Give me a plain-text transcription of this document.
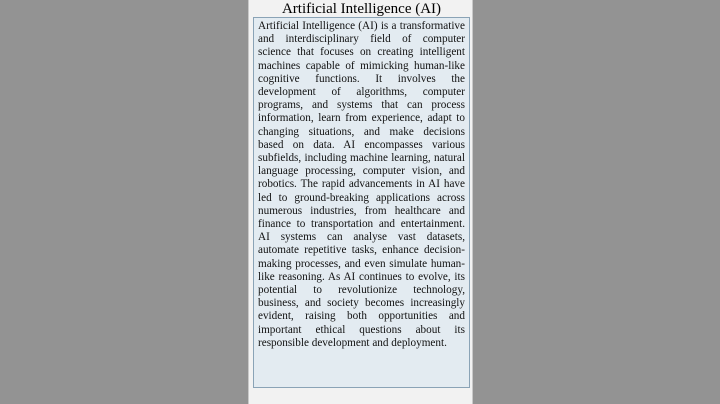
Artificial Intelligence (AI)

Artificial Intelligence (AI) is a transformative and interdisciplinary field of computer science that focuses on creating intelligent machines capable of mimicking human-like cognitive functions. It involves the development of algorithms, computer programs, and systems that can process information, learn from experience, adapt to changing situations, and make decisions based on data. AI encompasses various subfields, including machine learning, natural language processing, computer vision, and robotics. The rapid advancements in AI have led to ground-breaking applications across numerous industries, from healthcare and finance to transportation and entertainment. AI systems can analyse vast datasets, automate repetitive tasks, enhance decision-making processes, and even simulate human-like reasoning. As AI continues to evolve, its potential to revolutionize technology, business, and society becomes increasingly evident, raising both opportunities and important ethical questions about its responsible development and deployment.
